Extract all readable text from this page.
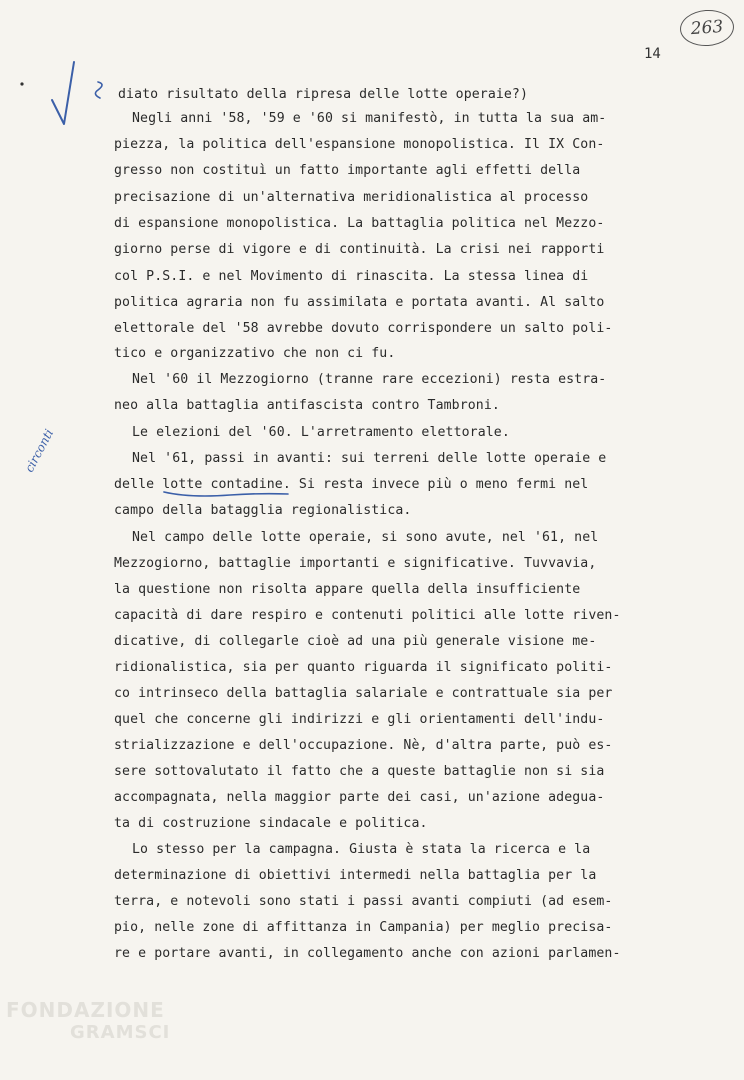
263
14
circonti
diato risultato della ripresa delle lotte operaie?)
Negli anni '58, '59 e '60 si manifestò, in tutta la sua am-
piezza, la politica dell'espansione monopolistica. Il IX Con-
gresso non costituì un fatto importante agli effetti della
precisazione di un'alternativa meridionalistica al processo
di espansione monopolistica. La battaglia politica nel Mezzo-
giorno perse di vigore e di continuità. La crisi nei rapporti
col P.S.I. e nel Movimento di rinascita. La stessa linea di
politica agraria non fu assimilata e portata avanti. Al salto
elettorale del '58 avrebbe dovuto corrispondere un salto poli-
tico e organizzativo che non ci fu.
Nel '60 il Mezzogiorno (tranne rare eccezioni) resta estra-
neo alla battaglia antifascista contro Tambroni.
Le elezioni del '60. L'arretramento elettorale.
Nel '61, passi in avanti: sui terreni delle lotte operaie e
delle lotte contadine. Si resta invece più o meno fermi nel
campo della batagglia regionalistica.
Nel campo delle lotte operaie, si sono avute, nel '61, nel
Mezzogiorno, battaglie importanti e significative. Tuvvavia,
la questione non risolta appare quella della insufficiente
capacità di dare respiro e contenuti politici alle lotte riven-
dicative, di collegarle cioè ad una più generale visione me-
ridionalistica, sia per quanto riguarda il significato politi-
co intrinseco della battaglia salariale e contrattuale sia per
quel che concerne gli indirizzi e gli orientamenti dell'indu-
strializzazione e dell'occupazione. Nè, d'altra parte, può es-
sere sottovalutato il fatto che a queste battaglie non si sia
accompagnata, nella maggior parte dei casi, un'azione adegua-
ta di costruzione sindacale e politica.
Lo stesso per la campagna. Giusta è stata la ricerca e la
determinazione di obiettivi intermedi nella battaglia per la
terra, e notevoli sono stati i passi avanti compiuti (ad esem-
pio, nelle zone di affittanza in Campania) per meglio precisa-
re e portare avanti, in collegamento anche con azioni parlamen-
FONDAZIONE
GRAMSCI
